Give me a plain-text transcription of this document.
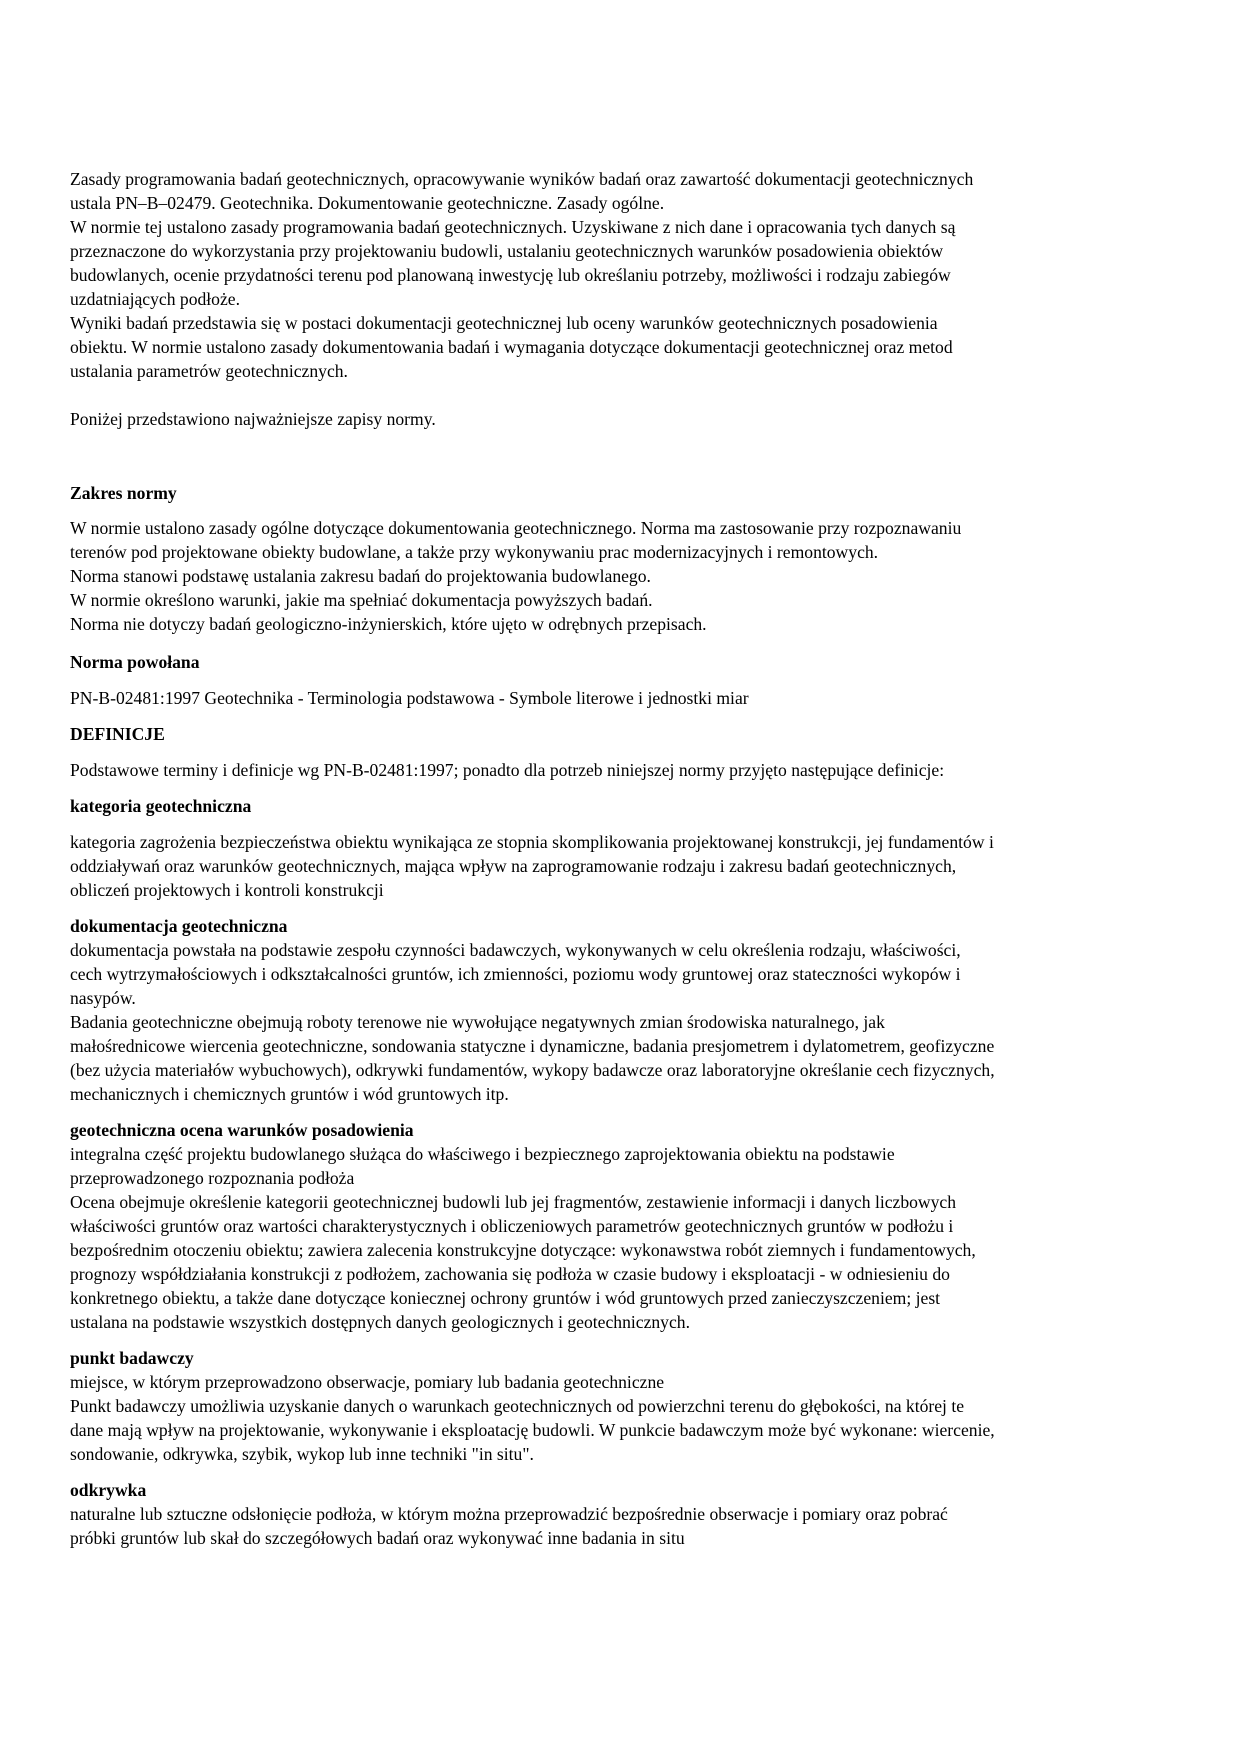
Zasady programowania badań geotechnicznych, opracowywanie wyników badań oraz zawartość dokumentacji geotechnicznych

ustala PN–B–02479. Geotechnika. Dokumentowanie geotechniczne. Zasady ogólne.

W normie tej ustalono zasady programowania badań geotechnicznych. Uzyskiwane z nich dane i opracowania tych danych są

przeznaczone do wykorzystania przy projektowaniu budowli, ustalaniu geotechnicznych warunków posadowienia obiektów

budowlanych, ocenie przydatności terenu pod planowaną inwestycję lub określaniu potrzeby, możliwości i rodzaju zabiegów

uzdatniających podłoże.

Wyniki badań przedstawia się w postaci dokumentacji geotechnicznej lub oceny warunków geotechnicznych posadowienia

obiektu. W normie ustalono zasady dokumentowania badań i wymagania dotyczące dokumentacji geotechnicznej oraz metod

ustalania parametrów geotechnicznych.

Poniżej przedstawiono najważniejsze zapisy normy.

Zakres normy

W normie ustalono zasady ogólne dotyczące dokumentowania geotechnicznego. Norma ma zastosowanie przy rozpoznawaniu

terenów pod projektowane obiekty budowlane, a także przy wykonywaniu prac modernizacyjnych i remontowych.

Norma stanowi podstawę ustalania zakresu badań do projektowania budowlanego.

W normie określono warunki, jakie ma spełniać dokumentacja powyższych badań.

Norma nie dotyczy badań geologiczno-inżynierskich, które ujęto w odrębnych przepisach.

Norma powołana

PN-B-02481:1997 Geotechnika - Terminologia podstawowa - Symbole literowe i jednostki miar

DEFINICJE

Podstawowe terminy i definicje wg PN-B-02481:1997; ponadto dla potrzeb niniejszej normy przyjęto następujące definicje:

kategoria geotechniczna

kategoria zagrożenia bezpieczeństwa obiektu wynikająca ze stopnia skomplikowania projektowanej konstrukcji, jej fundamentów i

oddziaływań oraz warunków geotechnicznych, mająca wpływ na zaprogramowanie rodzaju i zakresu badań geotechnicznych,

obliczeń projektowych i kontroli konstrukcji

dokumentacja geotechniczna

dokumentacja powstała na podstawie zespołu czynności badawczych, wykonywanych w celu określenia rodzaju, właściwości,

cech wytrzymałościowych i odkształcalności gruntów, ich zmienności, poziomu wody gruntowej oraz stateczności wykopów i

nasypów.

Badania geotechniczne obejmują roboty terenowe nie wywołujące negatywnych zmian środowiska naturalnego, jak

małośrednicowe wiercenia geotechniczne, sondowania statyczne i dynamiczne, badania presjometrem i dylatometrem, geofizyczne

(bez użycia materiałów wybuchowych), odkrywki fundamentów, wykopy badawcze oraz laboratoryjne określanie cech fizycznych,

mechanicznych i chemicznych gruntów i wód gruntowych itp.

geotechniczna ocena warunków posadowienia

integralna część projektu budowlanego służąca do właściwego i bezpiecznego zaprojektowania obiektu na podstawie

przeprowadzonego rozpoznania podłoża

Ocena obejmuje określenie kategorii geotechnicznej budowli lub jej fragmentów, zestawienie informacji i danych liczbowych

właściwości gruntów oraz wartości charakterystycznych i obliczeniowych parametrów geotechnicznych gruntów w podłożu i

bezpośrednim otoczeniu obiektu; zawiera zalecenia konstrukcyjne dotyczące: wykonawstwa robót ziemnych i fundamentowych,

prognozy współdziałania konstrukcji z podłożem, zachowania się podłoża w czasie budowy i eksploatacji - w odniesieniu do

konkretnego obiektu, a także dane dotyczące koniecznej ochrony gruntów i wód gruntowych przed zanieczyszczeniem; jest

ustalana na podstawie wszystkich dostępnych danych geologicznych i geotechnicznych.

punkt badawczy

miejsce, w którym przeprowadzono obserwacje, pomiary lub badania geotechniczne

Punkt badawczy umożliwia uzyskanie danych o warunkach geotechnicznych od powierzchni terenu do głębokości, na której te

dane mają wpływ na projektowanie, wykonywanie i eksploatację budowli. W punkcie badawczym może być wykonane: wiercenie,

sondowanie, odkrywka, szybik, wykop lub inne techniki "in situ".

odkrywka

naturalne lub sztuczne odsłonięcie podłoża, w którym można przeprowadzić bezpośrednie obserwacje i pomiary oraz pobrać

próbki gruntów lub skał do szczegółowych badań oraz wykonywać inne badania in situ
